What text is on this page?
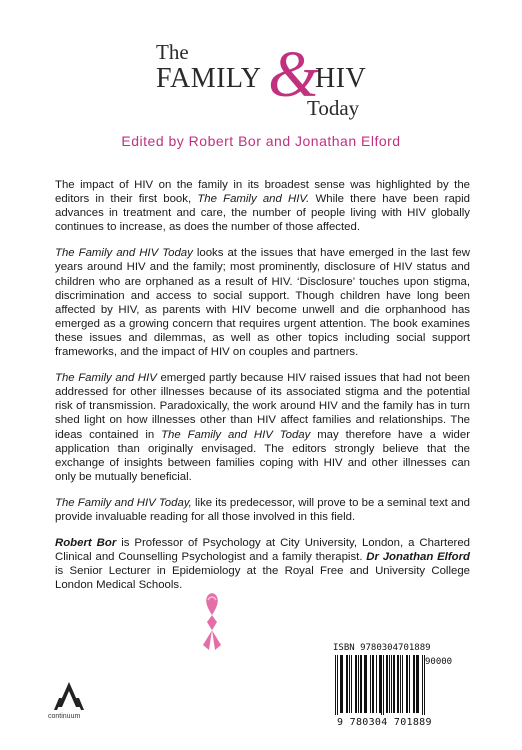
The
FAMILY &
HIV
Today
Edited by Robert Bor and Jonathan Elford

The impact of HIV on the family in its broadest sense was highlighted by the editors in their first book, The Family and HIV. While there have been rapid advances in treatment and care, the number of people living with HIV globally continues to increase, as does the number of those affected.

The Family and HIV Today looks at the issues that have emerged in the last few years around HIV and the family; most prominently, disclosure of HIV status and children who are orphaned as a result of HIV. ‘Disclosure’ touches upon stigma, discrimination and access to social support. Though children have long been affected by HIV, as parents with HIV become unwell and die orphanhood has emerged as a growing concern that requires urgent attention. The book examines these issues and dilemmas, as well as other topics including social support frameworks, and the impact of HIV on couples and partners.

The Family and HIV emerged partly because HIV raised issues that had not been addressed for other illnesses because of its associated stigma and the potential risk of transmission. Paradoxically, the work around HIV and the family has in turn shed light on how illnesses other than HIV affect families and relationships. The ideas contained in The Family and HIV Today may therefore have a wider application than originally envisaged. The editors strongly believe that the exchange of insights between families coping with HIV and other illnesses can only be mutually beneficial.

The Family and HIV Today, like its predecessor, will prove to be a seminal text and provide invaluable reading for all those involved in this field.

Robert Bor is Professor of Psychology at City University, London, a Chartered Clinical and Counselling Psychologist and a family therapist. Dr Jonathan Elford is Senior Lecturer in Epidemiology at the Royal Free and University College London Medical Schools.

ISBN 9780304701889
90000
9 780304 701889
continuum
